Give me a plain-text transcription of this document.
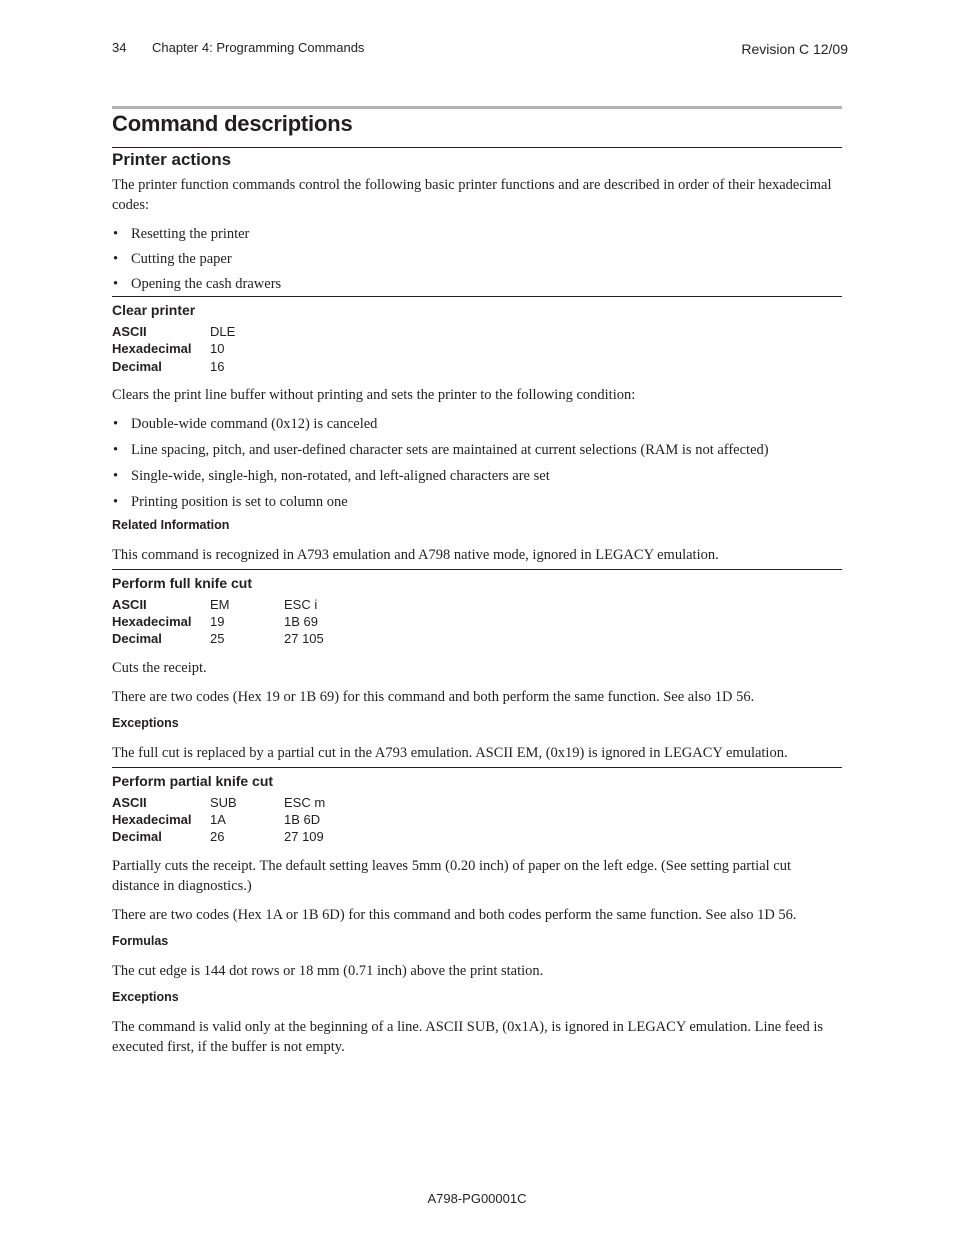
34 Chapter 4: Programming Commands	Revision C 12/09
Command descriptions
Printer actions

The printer function commands control the following basic printer functions and are described in order of their hexadecimal codes:

• Resetting the printer
• Cutting the paper
• Opening the cash drawers
Clear printer
ASCII	DLE
Hexadecimal	10
Decimal	16

Clears the print line buffer without printing and sets the printer to the following condition:

• Double-wide command (0x12) is canceled
• Line spacing, pitch, and user-defined character sets are maintained at current selections (RAM is not affected)
• Single-wide, single-high, non-rotated, and left-aligned characters are set
• Printing position is set to column one
Related Information

This command is recognized in A793 emulation and A798 native mode, ignored in LEGACY emulation.

Perform full knife cut
ASCII	EM	ESC i
Hexadecimal	19	1B 69
Decimal	25	27 105

Cuts the receipt.

There are two codes (Hex 19 or 1B 69) for this command and both perform the same function. See also 1D 56.

Exceptions

The full cut is replaced by a partial cut in the A793 emulation. ASCII EM, (0x19) is ignored in LEGACY emulation.

Perform partial knife cut
ASCII	SUB	ESC m
Hexadecimal	1A	1B 6D
Decimal	26	27 109

Partially cuts the receipt. The default setting leaves 5mm (0.20 inch) of paper on the left edge. (See setting partial cut distance in diagnostics.)

There are two codes (Hex 1A or 1B 6D) for this command and both codes perform the same function. See also 1D 56.

Formulas

The cut edge is 144 dot rows or 18 mm (0.71 inch) above the print station.

Exceptions

The command is valid only at the beginning of a line. ASCII SUB, (0x1A), is ignored in LEGACY emulation. Line feed is executed first, if the buffer is not empty.

A798-PG00001C
